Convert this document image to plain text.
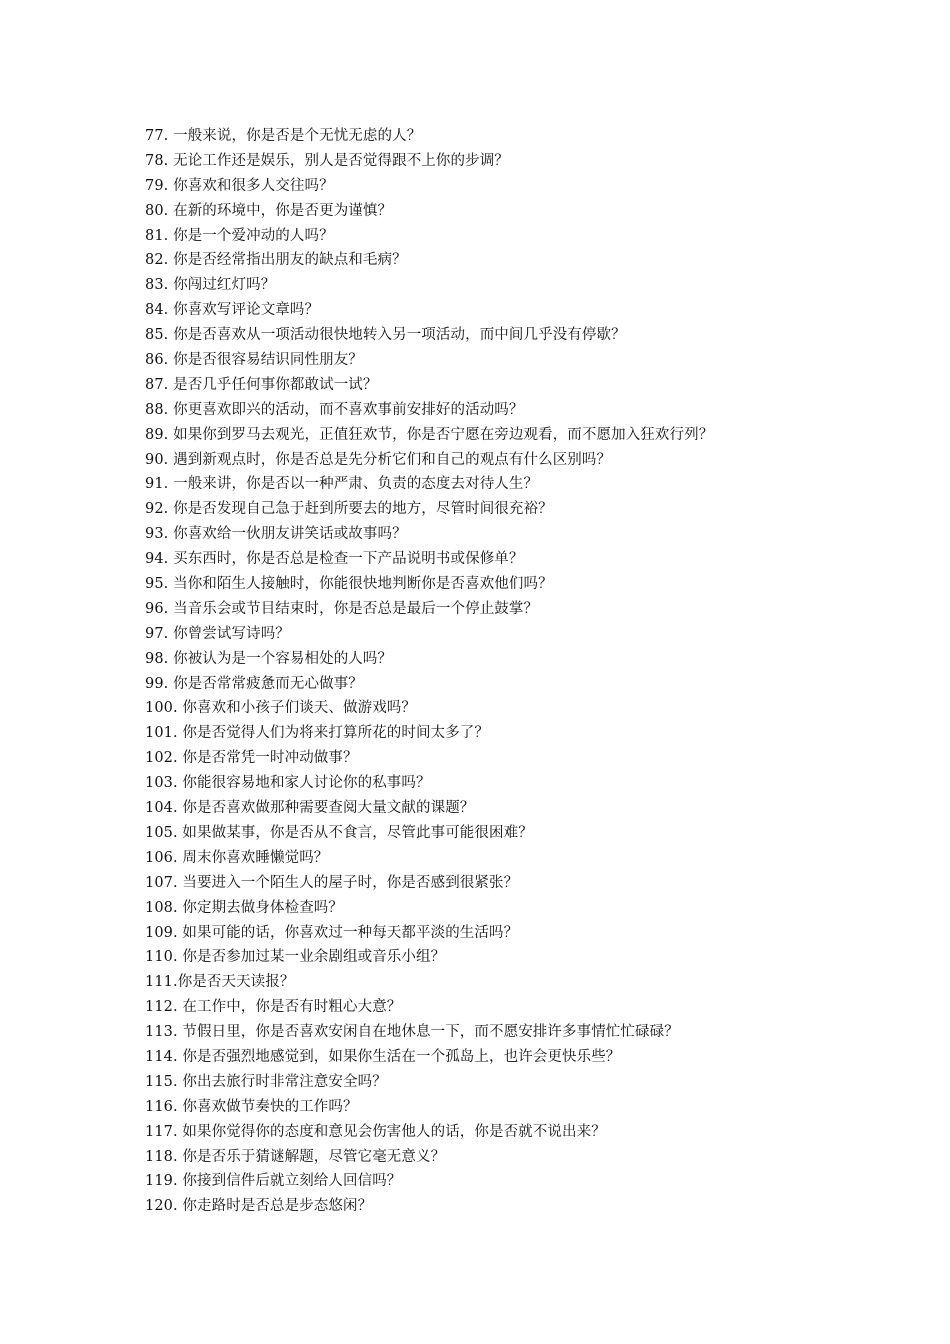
77. 一般来说，你是否是个无忧无虑的人？
78. 无论工作还是娱乐，别人是否觉得跟不上你的步调？
79. 你喜欢和很多人交往吗？
80. 在新的环境中，你是否更为谨慎？
81. 你是一个爱冲动的人吗？
82. 你是否经常指出朋友的缺点和毛病？
83. 你闯过红灯吗？
84. 你喜欢写评论文章吗？
85. 你是否喜欢从一项活动很快地转入另一项活动，而中间几乎没有停歇？
86. 你是否很容易结识同性朋友？
87. 是否几乎任何事你都敢试一试？
88. 你更喜欢即兴的活动，而不喜欢事前安排好的活动吗？
89. 如果你到罗马去观光，正值狂欢节，你是否宁愿在旁边观看，而不愿加入狂欢行列？
90. 遇到新观点时，你是否总是先分析它们和自己的观点有什么区别吗？
91. 一般来讲，你是否以一种严肃、负责的态度去对待人生？
92. 你是否发现自己急于赶到所要去的地方，尽管时间很充裕？
93. 你喜欢给一伙朋友讲笑话或故事吗？
94. 买东西时，你是否总是检查一下产品说明书或保修单？
95. 当你和陌生人接触时，你能很快地判断你是否喜欢他们吗？
96. 当音乐会或节目结束时，你是否总是最后一个停止鼓掌？
97. 你曾尝试写诗吗？
98. 你被认为是一个容易相处的人吗？
99. 你是否常常疲惫而无心做事？
100. 你喜欢和小孩子们谈天、做游戏吗？
101. 你是否觉得人们为将来打算所花的时间太多了？
102. 你是否常凭一时冲动做事？
103. 你能很容易地和家人讨论你的私事吗？
104. 你是否喜欢做那种需要查阅大量文献的课题？
105. 如果做某事，你是否从不食言，尽管此事可能很困难？
106. 周末你喜欢睡懒觉吗？
107. 当要进入一个陌生人的屋子时，你是否感到很紧张？
108. 你定期去做身体检查吗？
109. 如果可能的话，你喜欢过一种每天都平淡的生活吗？
110. 你是否参加过某一业余剧组或音乐小组？
111.你是否天天读报？
112. 在工作中，你是否有时粗心大意？
113. 节假日里，你是否喜欢安闲自在地休息一下，而不愿安排许多事情忙忙碌碌？
114. 你是否强烈地感觉到，如果你生活在一个孤岛上，也许会更快乐些？
115. 你出去旅行时非常注意安全吗？
116. 你喜欢做节奏快的工作吗？
117. 如果你觉得你的态度和意见会伤害他人的话，你是否就不说出来？
118. 你是否乐于猜谜解题，尽管它毫无意义？
119. 你接到信件后就立刻给人回信吗？
120. 你走路时是否总是步态悠闲？
